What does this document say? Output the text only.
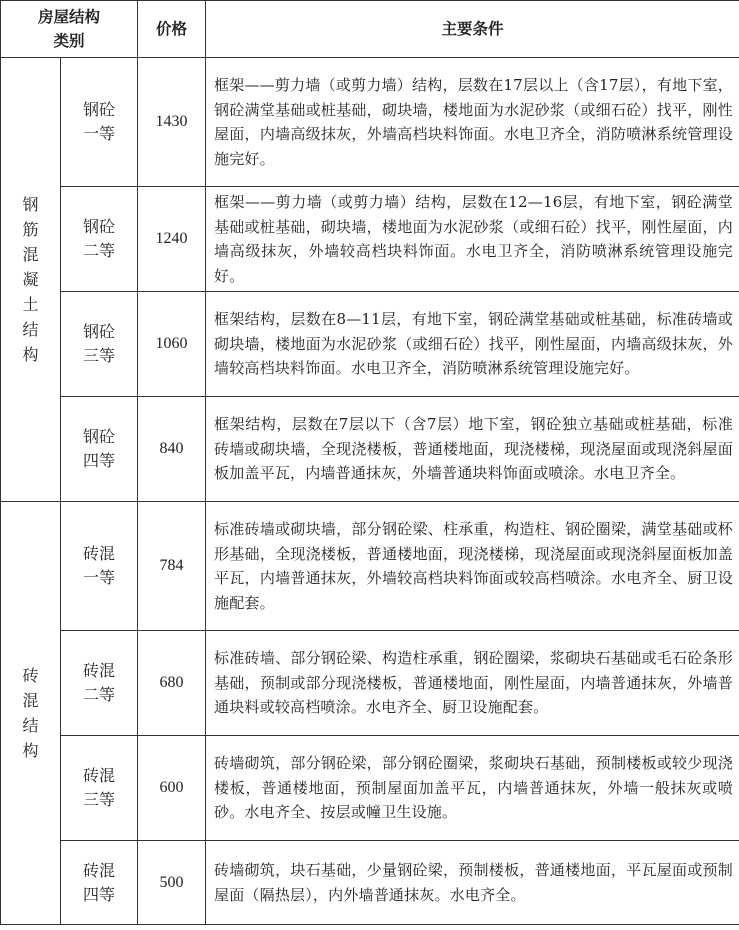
房屋结构类别		价格	主要条件

钢筋混凝土结构	钢砼一等	1430	框架——剪力墙（或剪力墙）结构，层数在17层以上（含17层），有地下室，钢砼满堂基础或桩基础，砌块墙，楼地面为水泥砂浆（或细石砼）找平，刚性屋面，内墙高级抹灰，外墙高档块料饰面。水电卫齐全，消防喷淋系统管理设施完好。

	钢砼二等	1240	框架——剪力墙（或剪力墙）结构，层数在12—16层，有地下室，钢砼满堂基础或桩基础，砌块墙，楼地面为水泥砂浆（或细石砼）找平，刚性屋面，内墙高级抹灰，外墙较高档块料饰面。水电卫齐全，消防喷淋系统管理设施完好。

	钢砼三等	1060	框架结构，层数在8—11层，有地下室，钢砼满堂基础或桩基础，标准砖墙或砌块墙，楼地面为水泥砂浆（或细石砼）找平，刚性屋面，内墙高级抹灰，外墙较高档块料饰面。水电卫齐全，消防喷淋系统管理设施完好。

	钢砼四等	840	框架结构，层数在7层以下（含7层）地下室，钢砼独立基础或桩基础，标准砖墙或砌块墙，全现浇楼板，普通楼地面，现浇楼梯，现浇屋面或现浇斜屋面板加盖平瓦，内墙普通抹灰，外墙普通块料饰面或喷涂。水电卫齐全。

砖混结构	砖混一等	784	标准砖墙或砌块墙，部分钢砼梁、柱承重，构造柱、钢砼圈梁，满堂基础或杯形基础，全现浇楼板，普通楼地面，现浇楼梯，现浇屋面或现浇斜屋面板加盖平瓦，内墙普通抹灰，外墙较高档块料饰面或较高档喷涂。水电齐全、厨卫设施配套。

	砖混二等	680	标准砖墙、部分钢砼梁、构造柱承重，钢砼圈梁，浆砌块石基础或毛石砼条形基础，预制或部分现浇楼板，普通楼地面，刚性屋面，内墙普通抹灰，外墙普通块料或较高档喷涂。水电齐全、厨卫设施配套。

	砖混三等	600	砖墙砌筑，部分钢砼梁，部分钢砼圈梁，浆砌块石基础，预制楼板或较少现浇楼板，普通楼地面，预制屋面加盖平瓦，内墙普通抹灰，外墙一般抹灰或喷砂。水电齐全、按层或幢卫生设施。

	砖混四等	500	砖墙砌筑，块石基础，少量钢砼梁，预制楼板，普通楼地面，平瓦屋面或预制屋面（隔热层），内外墙普通抹灰。水电齐全。
